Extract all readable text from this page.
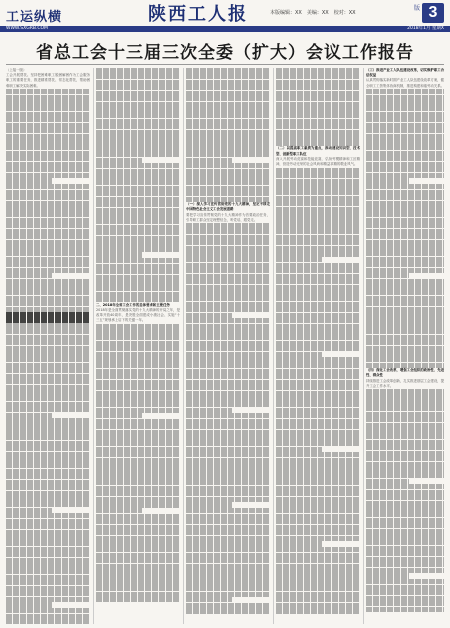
工运纵横	陕西工人报	本版编辑：XX　美编：XX　校对：XX
版 3
WWW.SXGRB.COM	2018年1月 星期X
省总工会十三届三次全委（扩大）会议工作报告

（上接一版）

工会开展帮扶。坚持把困难职工脱困解困作为工会服务职工的重要任务，推进精准帮扶、常态化帮扶，帮助困难职工解决实际困难。

二、2018年全省工会工作的总体要求和主要任务

2018年是全面贯彻落实党的十九大精神的开局之年，是改革开放40周年，是决胜全面建成小康社会、实施“十三五”规划承上启下的关键一年。

（一）深入学习宣传贯彻党的十九大精神，坚定不移走中国特色社会主义工会发展道路

要把学习宣传贯彻党的十九大精神作为首要政治任务，引导职工群众坚定理想信念，听党话、跟党走。

（二）以提高职工素质为重点，推动建设知识型、技术型、创新型职工队伍

深入开展劳动竞赛和技能竞赛，弘扬劳模精神和工匠精神，营造劳动光荣的社会风尚和精益求精的敬业风气。

（三）推进产业工人队伍建设改革，切实维护职工合法权益

认真贯彻落实新时期产业工人队伍建设改革方案，健全职工工资集体协商机制，推进构建和谐劳动关系。

（四）深化工会改革，增强工会组织的政治性、先进性、群众性

持续推进工会改革创新，扎实推进基层工会建设，提升工会工作水平。
